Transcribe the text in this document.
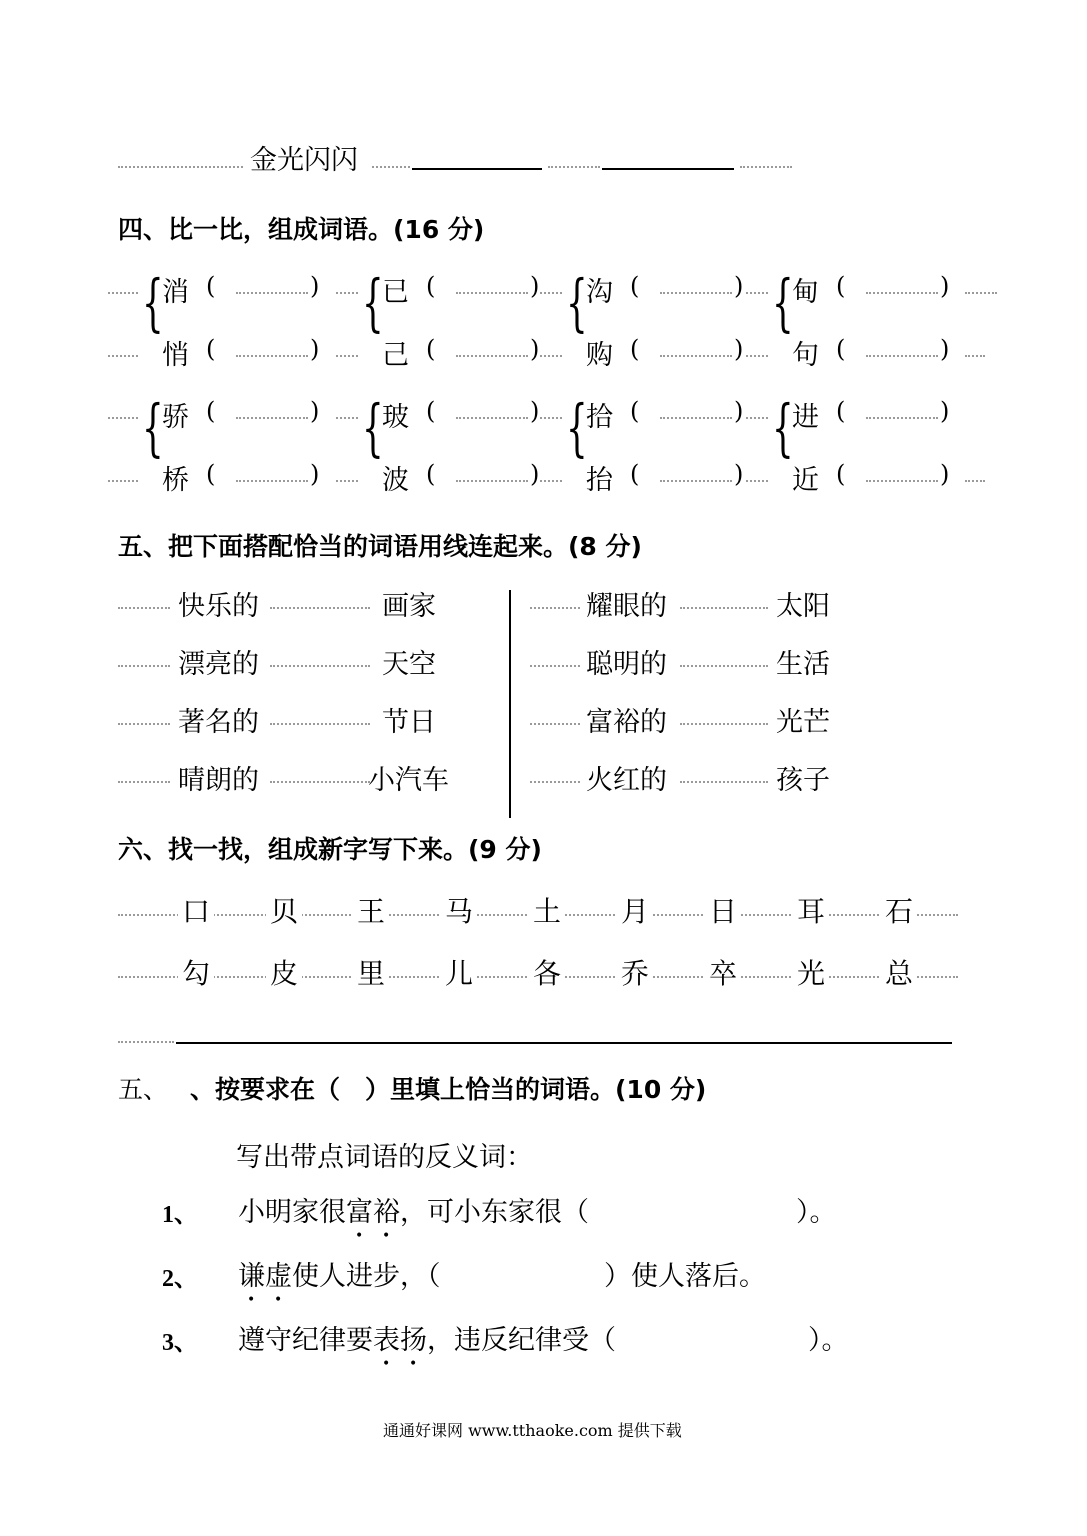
金光闪闪
四、比一比，组成词语。(16 分)
{
消 (	)
悄 (	)
{
已 (	)
己 (	)
{
沟 (	)
购 (	)
{
甸 (	)
句 (	)
{
骄 (	)
桥 (	)
{
玻 (	)
波 (	)
{
拾 (	)
抬 (	)
{
进 (	)
近 (	)
五、把下面搭配恰当的词语用线连起来。(8 分)
快乐的	画家	耀眼的	太阳
漂亮的	天空	聪明的	生活
著名的	节日	富裕的	光芒
晴朗的	小汽车	火红的	孩子
六、找一找，组成新字写下来。(9 分)
口 贝 王 马 土 月 日 耳 石
勾 皮 里 儿 各 乔 卒 光 总
五、 、按要求在（　）里填上恰当的词语。(10 分)
写出带点词语的反义词：
1、 小明家很富裕，可小东家很（	）。
2、 谦虚使人进步，（	）使人落后。
3、 遵守纪律要表扬，违反纪律受（	）。
通通好课网 www.tthaoke.com 提供下载
